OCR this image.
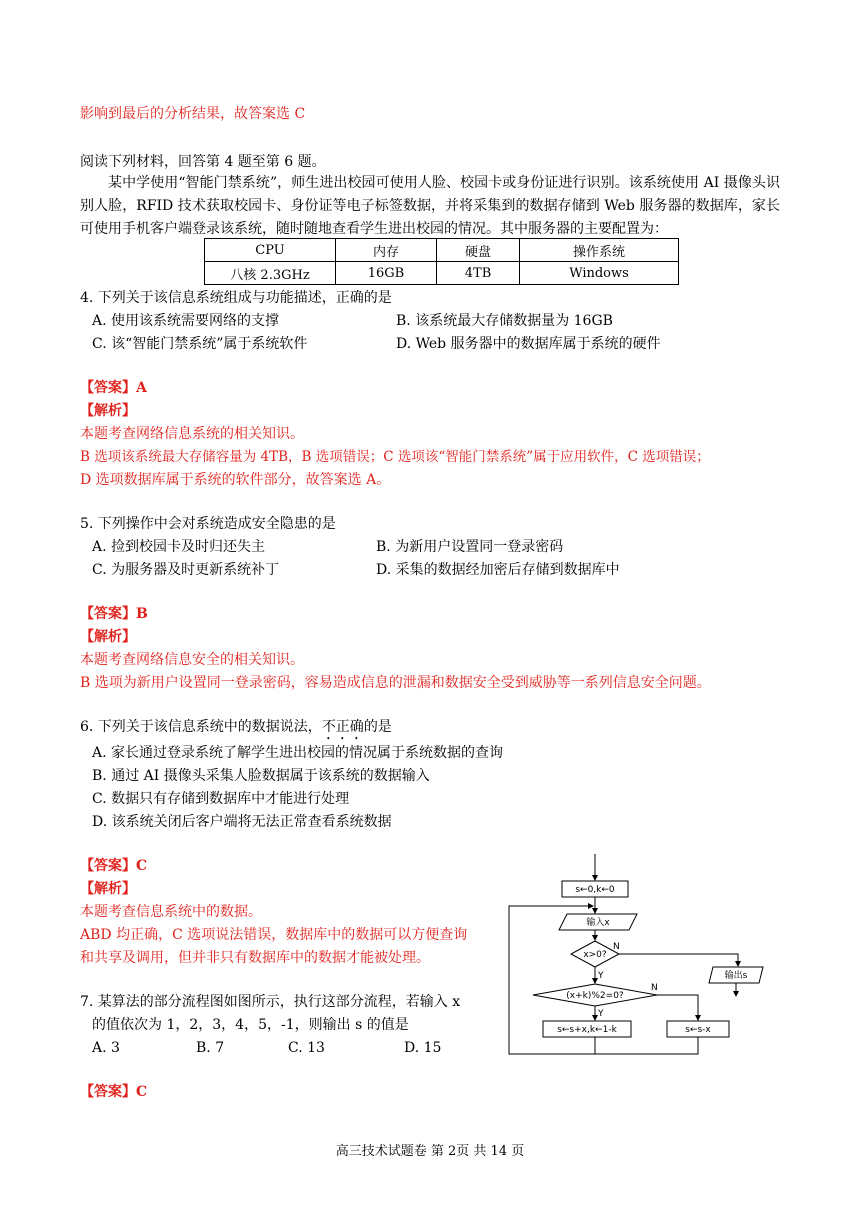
影响到最后的分析结果，故答案选 C
阅读下列材料，回答第 4 题至第 6 题。
某中学使用“智能门禁系统”，师生进出校园可使用人脸、校园卡或身份证进行识别。该系统使用 AI 摄像头识别人脸，RFID 技术获取校园卡、身份证等电子标签数据，并将采集到的数据存储到 Web 服务器的数据库，家长可使用手机客户端登录该系统，随时随地查看学生进出校园的情况。其中服务器的主要配置为：
CPU	内存	硬盘	操作系统
八核 2.3GHz	16GB	4TB	Windows
4. 下列关于该信息系统组成与功能描述，正确的是
A. 使用该系统需要网络的支撑	B. 该系统最大存储数据量为 16GB
C. 该“智能门禁系统”属于系统软件	D. Web 服务器中的数据库属于系统的硬件
【答案】A
【解析】
本题考查网络信息系统的相关知识。
B 选项该系统最大存储容量为 4TB，B 选项错误；C 选项该“智能门禁系统”属于应用软件，C 选项错误；
D 选项数据库属于系统的软件部分，故答案选 A。
5. 下列操作中会对系统造成安全隐患的是
A. 捡到校园卡及时归还失主	B. 为新用户设置同一登录密码
C. 为服务器及时更新系统补丁	D. 采集的数据经加密后存储到数据库中
【答案】B
【解析】
本题考查网络信息安全的相关知识。
B 选项为新用户设置同一登录密码，容易造成信息的泄漏和数据安全受到威胁等一系列信息安全问题。
6. 下列关于该信息系统中的数据说法，不正确的是
A. 家长通过登录系统了解学生进出校园的情况属于系统数据的查询
B. 通过 AI 摄像头采集人脸数据属于该系统的数据输入
C. 数据只有存储到数据库中才能进行处理
D. 该系统关闭后客户端将无法正常查看系统数据
【答案】C
【解析】
本题考查信息系统中的数据。
ABD 均正确，C 选项说法错误，数据库中的数据可以方便查询
和共享及调用，但并非只有数据库中的数据才能被处理。
7. 某算法的部分流程图如图所示，执行这部分流程，若输入 x
的值依次为 1，2，3，4，5，-1，则输出 s 的值是
A. 3	B. 7	C. 13	D. 15
【答案】C
s←0,k←0
输入x
x>0?
(x+k)%2=0?
输出s
s←s+x,k←1-k	s←s-x
N
Y
N
Y
高三技术试题卷 第 2页 共 14 页
